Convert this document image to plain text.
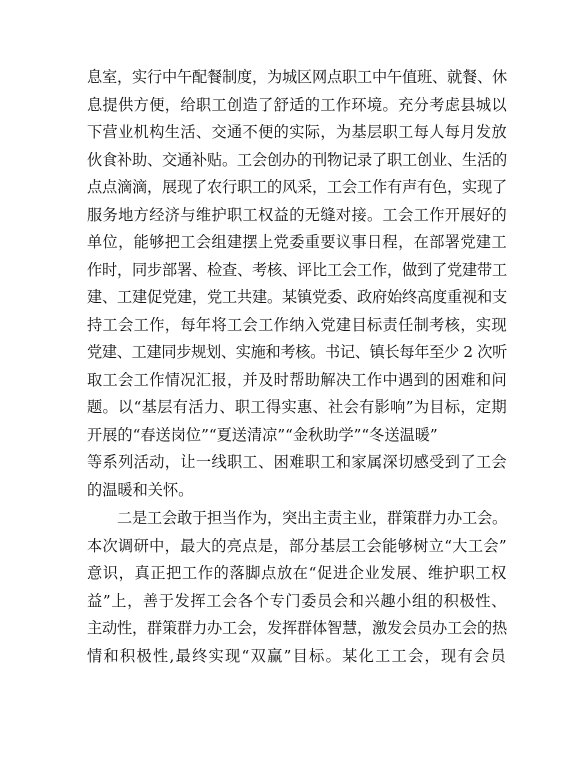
息室，实行中午配餐制度，为城区网点职工中午值班、就餐、休
息提供方便，给职工创造了舒适的工作环境。充分考虑县城以
下营业机构生活、交通不便的实际，为基层职工每人每月发放
伙食补助、交通补贴。工会创办的刊物记录了职工创业、生活的
点点滴滴，展现了农行职工的风采，工会工作有声有色，实现了
服务地方经济与维护职工权益的无缝对接。工会工作开展好的
单位，能够把工会组建摆上党委重要议事日程，在部署党建工
作时，同步部署、检查、考核、评比工会工作，做到了党建带工
建、工建促党建，党工共建。某镇党委、政府始终高度重视和支
持工会工作，每年将工会工作纳入党建目标责任制考核，实现
党建、工建同步规划、实施和考核。书记、镇长每年至少 2 次听
取工会工作情况汇报，并及时帮助解决工作中遇到的困难和问
题。以“基层有活力、职工得实惠、社会有影响”为目标，定期
开展的“春送岗位”“夏送清凉”“金秋助学”“冬送温暖”
等系列活动，让一线职工、困难职工和家属深切感受到了工会
的温暖和关怀。
二是工会敢于担当作为，突出主责主业，群策群力办工会。
本次调研中，最大的亮点是，部分基层工会能够树立“大工会”
意识，真正把工作的落脚点放在“促进企业发展、维护职工权
益”上，善于发挥工会各个专门委员会和兴趣小组的积极性、
主动性，群策群力办工会，发挥群体智慧，激发会员办工会的热
情和积极性,最终实现“双赢”目标。某化工工会，现有会员
